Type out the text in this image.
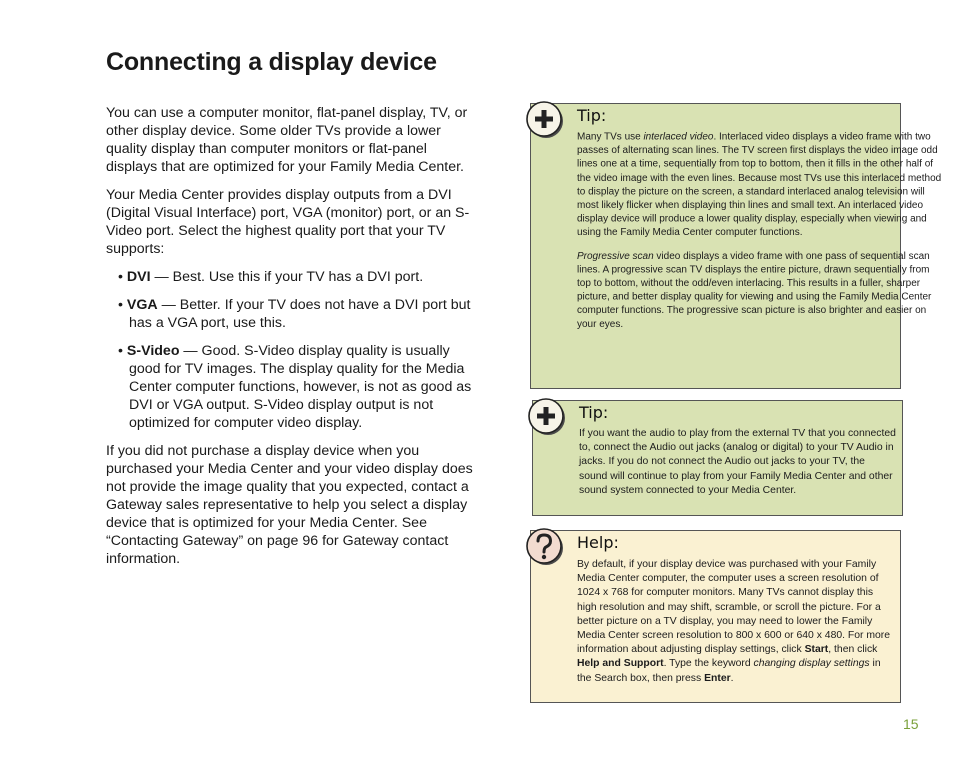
Connecting a display device

You can use a computer monitor, flat-panel display, TV, or other display device. Some older TVs provide a lower quality display than computer monitors or flat-panel displays that are optimized for your Family Media Center.

Your Media Center provides display outputs from a DVI (Digital Visual Interface) port, VGA (monitor) port, or an S-Video port. Select the highest quality port that your TV supports:

• DVI — Best. Use this if your TV has a DVI port.
• VGA — Better. If your TV does not have a DVI port but has a VGA port, use this.
• S-Video — Good. S-Video display quality is usually good for TV images. The display quality for the Media Center computer functions, however, is not as good as DVI or VGA output. S-Video display output is not optimized for computer video display.

If you did not purchase a display device when you purchased your Media Center and your video display does not provide the image quality that you expected, contact a Gateway sales representative to help you select a display device that is optimized for your Media Center. See “Contacting Gateway” on page 96 for Gateway contact information.

Tip:

Many TVs use interlaced video. Interlaced video displays a video frame with two passes of alternating scan lines. The TV screen first displays the video image odd lines one at a time, sequentially from top to bottom, then it fills in the other half of the video image with the even lines. Because most TVs use this interlaced method to display the picture on the screen, a standard interlaced analog television will most likely flicker when displaying thin lines and small text. An interlaced video display device will produce a lower quality display, especially when viewing and using the Family Media Center computer functions.

Progressive scan video displays a video frame with one pass of sequential scan lines. A progressive scan TV displays the entire picture, drawn sequentially from top to bottom, without the odd/even interlacing. This results in a fuller, sharper picture, and better display quality for viewing and using the Family Media Center computer functions. The progressive scan picture is also brighter and easier on your eyes.

Tip:

If you want the audio to play from the external TV that you connected to, connect the Audio out jacks (analog or digital) to your TV Audio in jacks. If you do not connect the Audio out jacks to your TV, the sound will continue to play from your Family Media Center and other sound system connected to your Media Center.

Help:

By default, if your display device was purchased with your Family Media Center computer, the computer uses a screen resolution of 1024 x 768 for computer monitors. Many TVs cannot display this high resolution and may shift, scramble, or scroll the picture. For a better picture on a TV display, you may need to lower the Family Media Center screen resolution to 800 x 600 or 640 x 480. For more information about adjusting display settings, click Start, then click Help and Support. Type the keyword changing display settings in the Search box, then press Enter.

15
